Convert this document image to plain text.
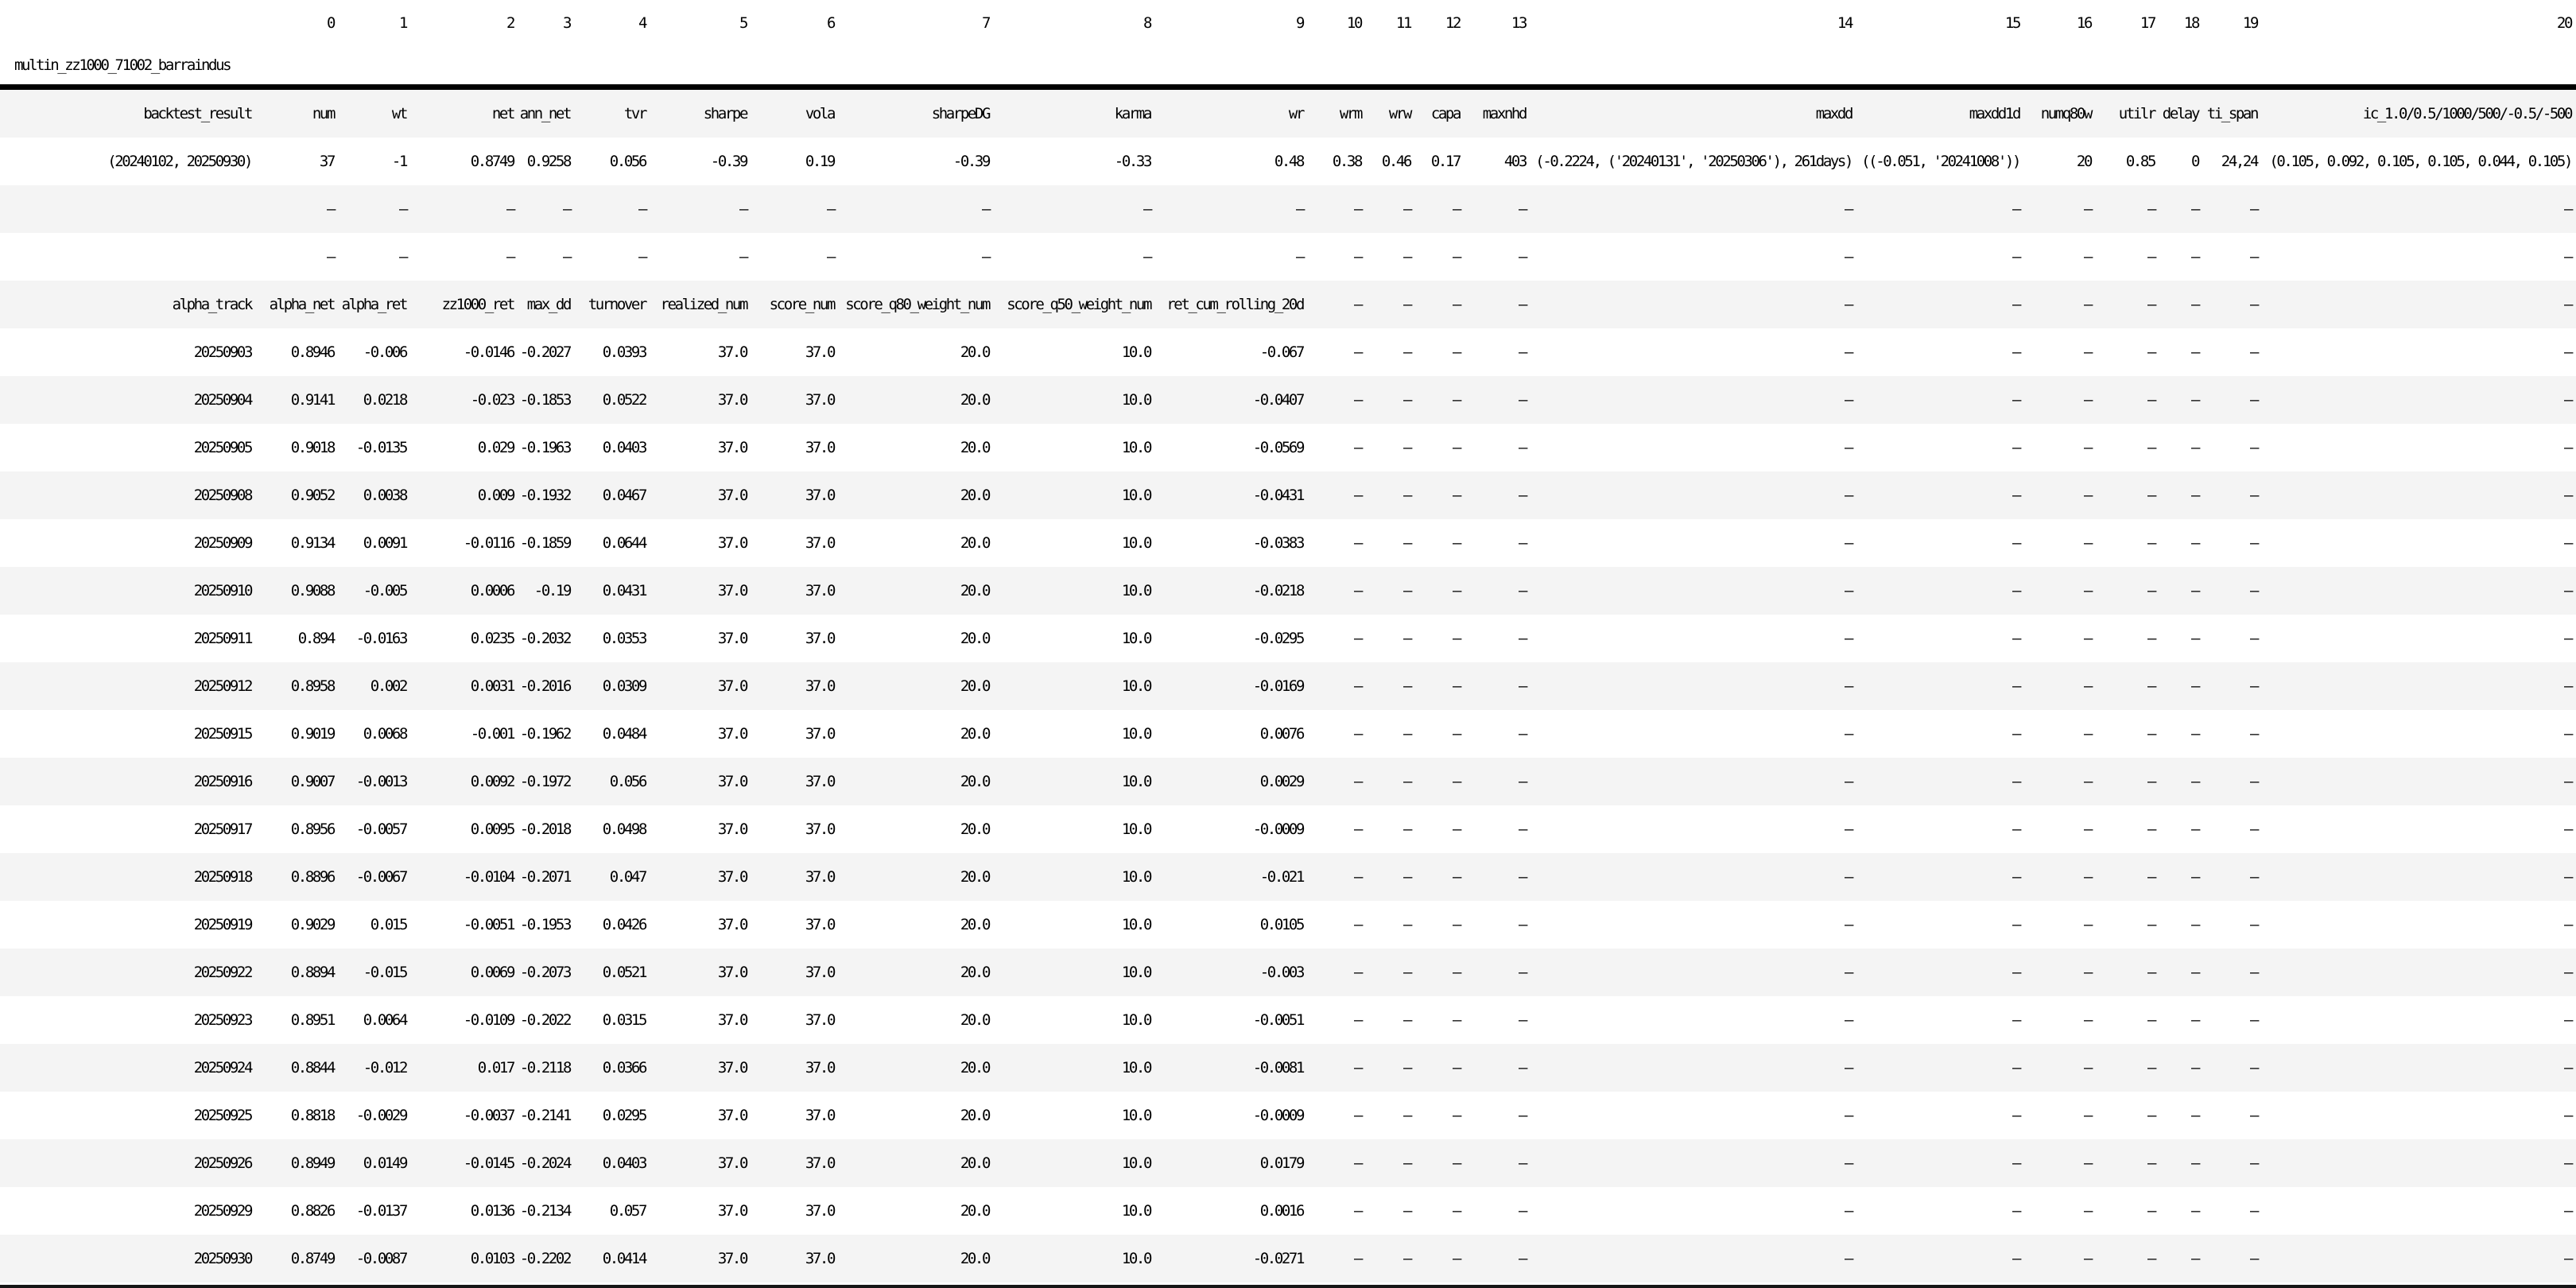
	0	1	2	3	4	5	6	7	8	9	10	11	12	13	14	15	16	17	18	19	20
multin_zz1000_71002_barraindus																					
backtest_result	num	wt	net	ann_net	tvr	sharpe	vola	sharpeDG	karma	wr	wrm	wrw	capa	maxnhd	maxdd	maxdd1d	numq80w	utilr	delay	ti_span	ic_1.0/0.5/1000/500/-0.5/-500
(20240102, 20250930)	37	-1	0.8749	0.9258	0.056	-0.39	0.19	-0.39	-0.33	0.48	0.38	0.46	0.17	403	(-0.2224, ('20240131', '20250306'), 261days)	((-0.051, '20241008'))	20	0.85	0	24,24	(0.105, 0.092, 0.105, 0.105, 0.044, 0.105)
	—	—	—	—	—	—	—	—	—	—	—	—	—	—	—	—	—	—	—	—	—
	—	—	—	—	—	—	—	—	—	—	—	—	—	—	—	—	—	—	—	—	—
alpha_track	alpha_net	alpha_ret	zz1000_ret	max_dd	turnover	realized_num	score_num	score_q80_weight_num	score_q50_weight_num	ret_cum_rolling_20d	—	—	—	—	—	—	—	—	—	—	—
20250903	0.8946	-0.006	-0.0146	-0.2027	0.0393	37.0	37.0	20.0	10.0	-0.067	—	—	—	—	—	—	—	—	—	—	—
20250904	0.9141	0.0218	-0.023	-0.1853	0.0522	37.0	37.0	20.0	10.0	-0.0407	—	—	—	—	—	—	—	—	—	—	—
20250905	0.9018	-0.0135	0.029	-0.1963	0.0403	37.0	37.0	20.0	10.0	-0.0569	—	—	—	—	—	—	—	—	—	—	—
20250908	0.9052	0.0038	0.009	-0.1932	0.0467	37.0	37.0	20.0	10.0	-0.0431	—	—	—	—	—	—	—	—	—	—	—
20250909	0.9134	0.0091	-0.0116	-0.1859	0.0644	37.0	37.0	20.0	10.0	-0.0383	—	—	—	—	—	—	—	—	—	—	—
20250910	0.9088	-0.005	0.0006	-0.19	0.0431	37.0	37.0	20.0	10.0	-0.0218	—	—	—	—	—	—	—	—	—	—	—
20250911	0.894	-0.0163	0.0235	-0.2032	0.0353	37.0	37.0	20.0	10.0	-0.0295	—	—	—	—	—	—	—	—	—	—	—
20250912	0.8958	0.002	0.0031	-0.2016	0.0309	37.0	37.0	20.0	10.0	-0.0169	—	—	—	—	—	—	—	—	—	—	—
20250915	0.9019	0.0068	-0.001	-0.1962	0.0484	37.0	37.0	20.0	10.0	0.0076	—	—	—	—	—	—	—	—	—	—	—
20250916	0.9007	-0.0013	0.0092	-0.1972	0.056	37.0	37.0	20.0	10.0	0.0029	—	—	—	—	—	—	—	—	—	—	—
20250917	0.8956	-0.0057	0.0095	-0.2018	0.0498	37.0	37.0	20.0	10.0	-0.0009	—	—	—	—	—	—	—	—	—	—	—
20250918	0.8896	-0.0067	-0.0104	-0.2071	0.047	37.0	37.0	20.0	10.0	-0.021	—	—	—	—	—	—	—	—	—	—	—
20250919	0.9029	0.015	-0.0051	-0.1953	0.0426	37.0	37.0	20.0	10.0	0.0105	—	—	—	—	—	—	—	—	—	—	—
20250922	0.8894	-0.015	0.0069	-0.2073	0.0521	37.0	37.0	20.0	10.0	-0.003	—	—	—	—	—	—	—	—	—	—	—
20250923	0.8951	0.0064	-0.0109	-0.2022	0.0315	37.0	37.0	20.0	10.0	-0.0051	—	—	—	—	—	—	—	—	—	—	—
20250924	0.8844	-0.012	0.017	-0.2118	0.0366	37.0	37.0	20.0	10.0	-0.0081	—	—	—	—	—	—	—	—	—	—	—
20250925	0.8818	-0.0029	-0.0037	-0.2141	0.0295	37.0	37.0	20.0	10.0	-0.0009	—	—	—	—	—	—	—	—	—	—	—
20250926	0.8949	0.0149	-0.0145	-0.2024	0.0403	37.0	37.0	20.0	10.0	0.0179	—	—	—	—	—	—	—	—	—	—	—
20250929	0.8826	-0.0137	0.0136	-0.2134	0.057	37.0	37.0	20.0	10.0	0.0016	—	—	—	—	—	—	—	—	—	—	—
20250930	0.8749	-0.0087	0.0103	-0.2202	0.0414	37.0	37.0	20.0	10.0	-0.0271	—	—	—	—	—	—	—	—	—	—	—
